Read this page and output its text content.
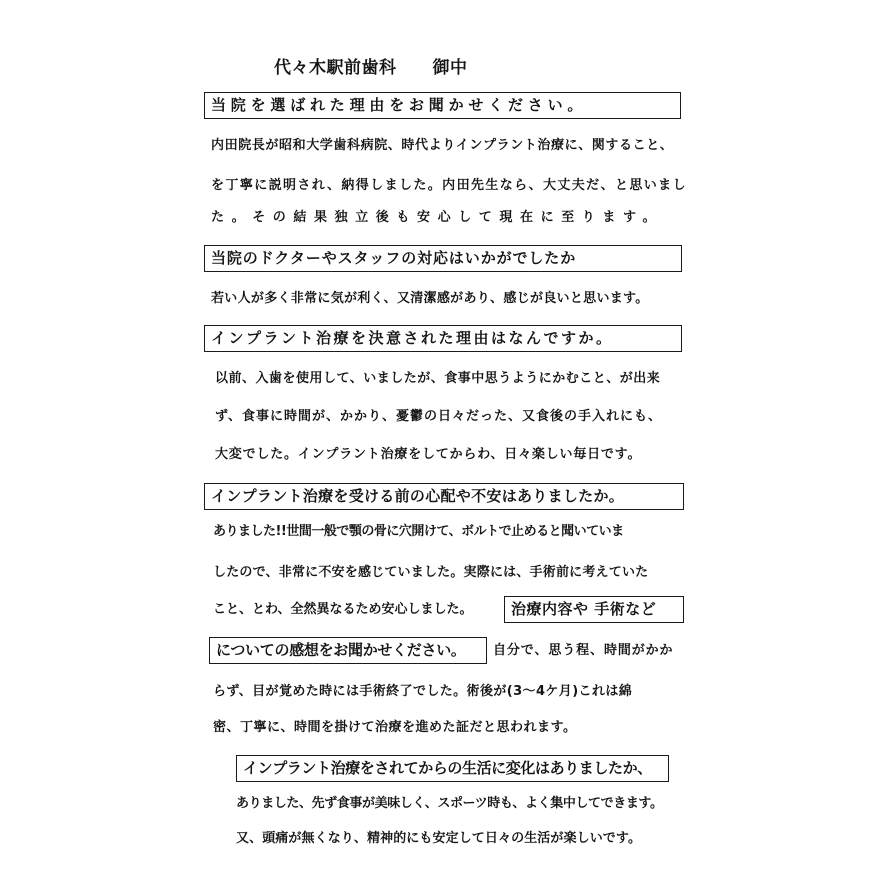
代々木駅前歯科 御中
当院を選ばれた理由をお聞かせください。
内田院長が昭和大学歯科病院、時代よりインプラント治療に、関すること、
を丁寧に説明され、納得しました。内田先生なら、大丈夫だ、と思いまし
た。その結果独立後も安心して現在に至ります。
当院のドクターやスタッフの対応はいかがでしたか
若い人が多く非常に気が利く、又清潔感があり、感じが良いと思います。
インプラント治療を決意された理由はなんですか。
以前、入歯を使用して、いましたが、食事中思うようにかむこと、が出来
ず、食事に時間が、かかり、憂鬱の日々だった、又食後の手入れにも、
大変でした。インプラント治療をしてからわ、日々楽しい毎日です。
インプラント治療を受ける前の心配や不安はありましたか。
ありました!!世間一般で顎の骨に穴開けて、ボルトで止めると聞いていま
したので、非常に不安を感じていました。実際には、手術前に考えていた
こと、とわ、全然異なるため安心しました。	治療内容や 手術など
についての感想をお聞かせください。	自分で、思う程、時間がかか
らず、目が覚めた時には手術終了でした。術後が(3～4ケ月)これは綿
密、丁寧に、時間を掛けて治療を進めた証だと思われます。
インプラント治療をされてからの生活に変化はありましたか、
ありました、先ず食事が美味しく、スポーツ時も、よく集中してできます。
又、頭痛が無くなり、精神的にも安定して日々の生活が楽しいです。
